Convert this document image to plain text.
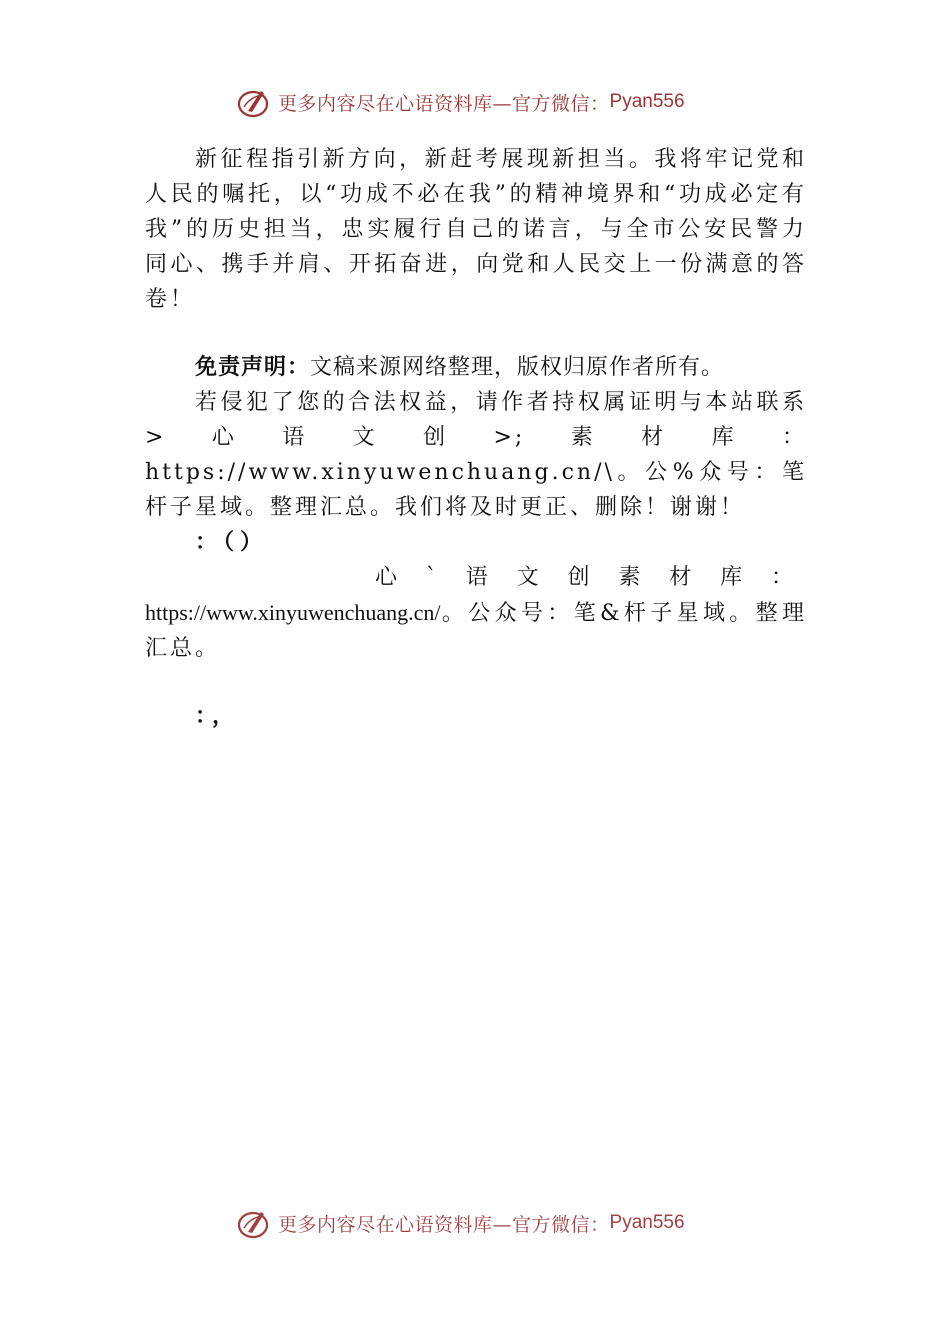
更多内容尽在心语资料库—官方微信： Pyan556

新征程指引新方向，新赶考展现新担当。我将牢记党和人民的嘱托，以“功成不必在我”的精神境界和“功成必定有我”的历史担当，忠实履行自己的诺言，与全市公安民警力同心、携手并肩、开拓奋进，向党和人民交上一份满意的答卷！

免责声明：文稿来源网络整理，版权归原作者所有。

若侵犯了您的合法权益，请作者持权属证明与本站联系>心语文创>;素材库：https://www.xinyuwenchuang.cn/\。公%众号：笔杆子星域。整理汇总。我们将及时更正、删除！谢谢！

：（）

心`语文创素材库：https://www.xinyuwenchuang.cn/。公众号：笔&杆子星域。整理汇总。

：，

更多内容尽在心语资料库—官方微信： Pyan556
